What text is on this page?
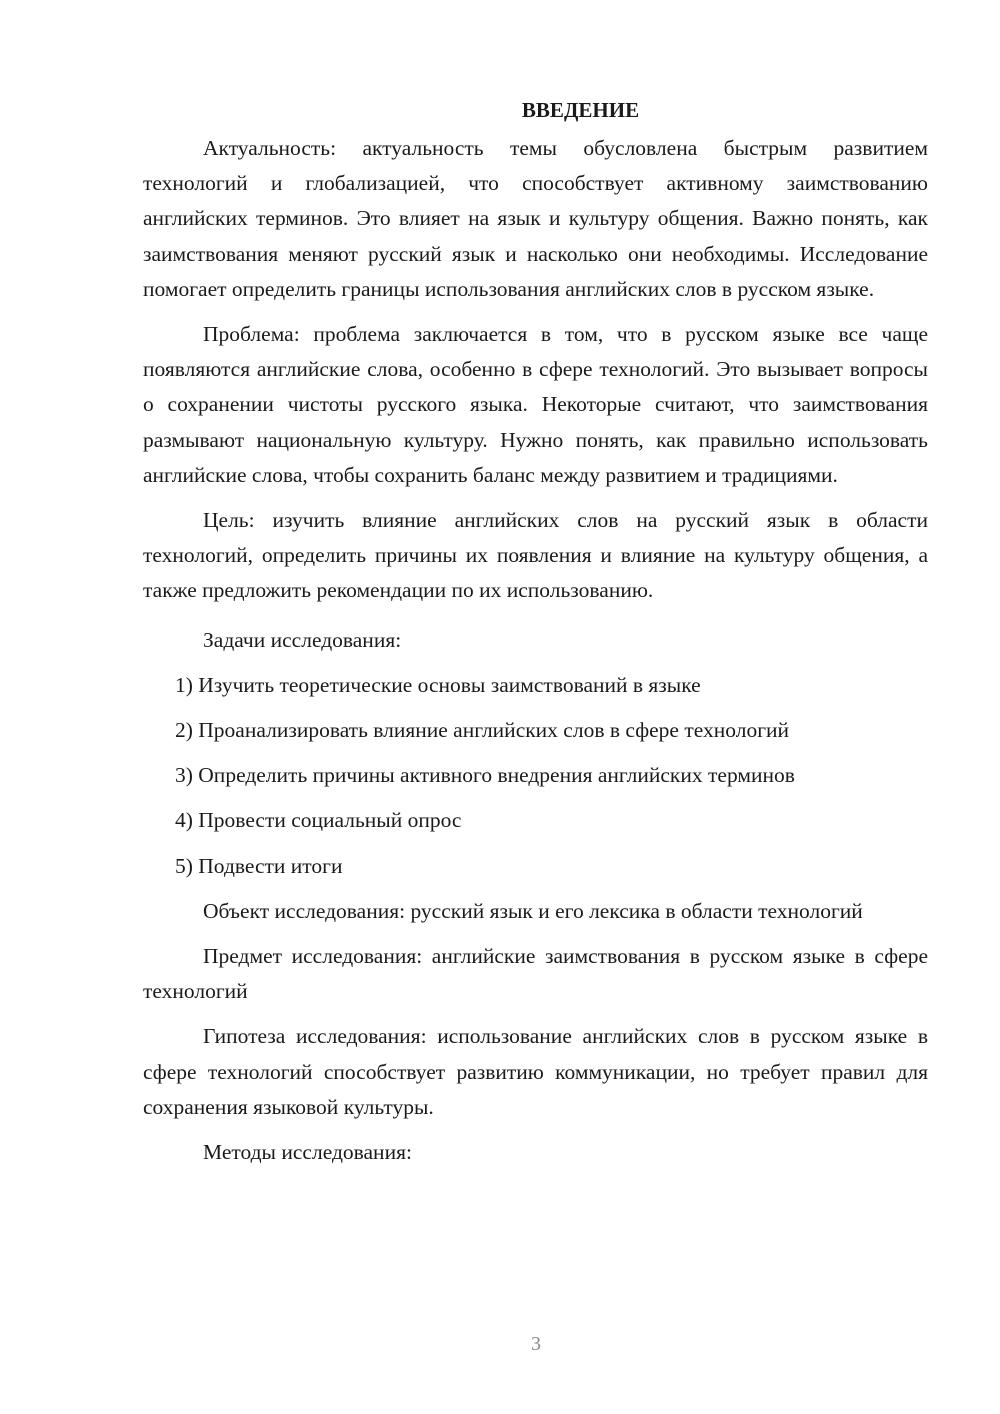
ВВЕДЕНИЕ

Актуальность: актуальность темы обусловлена быстрым развитием технологий и глобализацией, что способствует активному заимствованию английских терминов. Это влияет на язык и культуру общения. Важно понять, как заимствования меняют русский язык и насколько они необходимы. Исследование помогает определить границы использования английских слов в русском языке.

Проблема: проблема заключается в том, что в русском языке все чаще появляются английские слова, особенно в сфере технологий. Это вызывает вопросы о сохранении чистоты русского языка. Некоторые считают, что заимствования размывают национальную культуру. Нужно понять, как правильно использовать английские слова, чтобы сохранить баланс между развитием и традициями.

Цель: изучить влияние английских слов на русский язык в области технологий, определить причины их появления и влияние на культуру общения, а также предложить рекомендации по их использованию.

Задачи исследования:

1) Изучить теоретические основы заимствований в языке
2) Проанализировать влияние английских слов в сфере технологий
3) Определить причины активного внедрения английских терминов
4) Провести социальный опрос
5) Подвести итоги

Объект исследования: русский язык и его лексика в области технологий

Предмет исследования: английские заимствования в русском языке в сфере технологий

Гипотеза исследования: использование английских слов в русском языке в сфере технологий способствует развитию коммуникации, но требует правил для сохранения языковой культуры.

Методы исследования:

3
